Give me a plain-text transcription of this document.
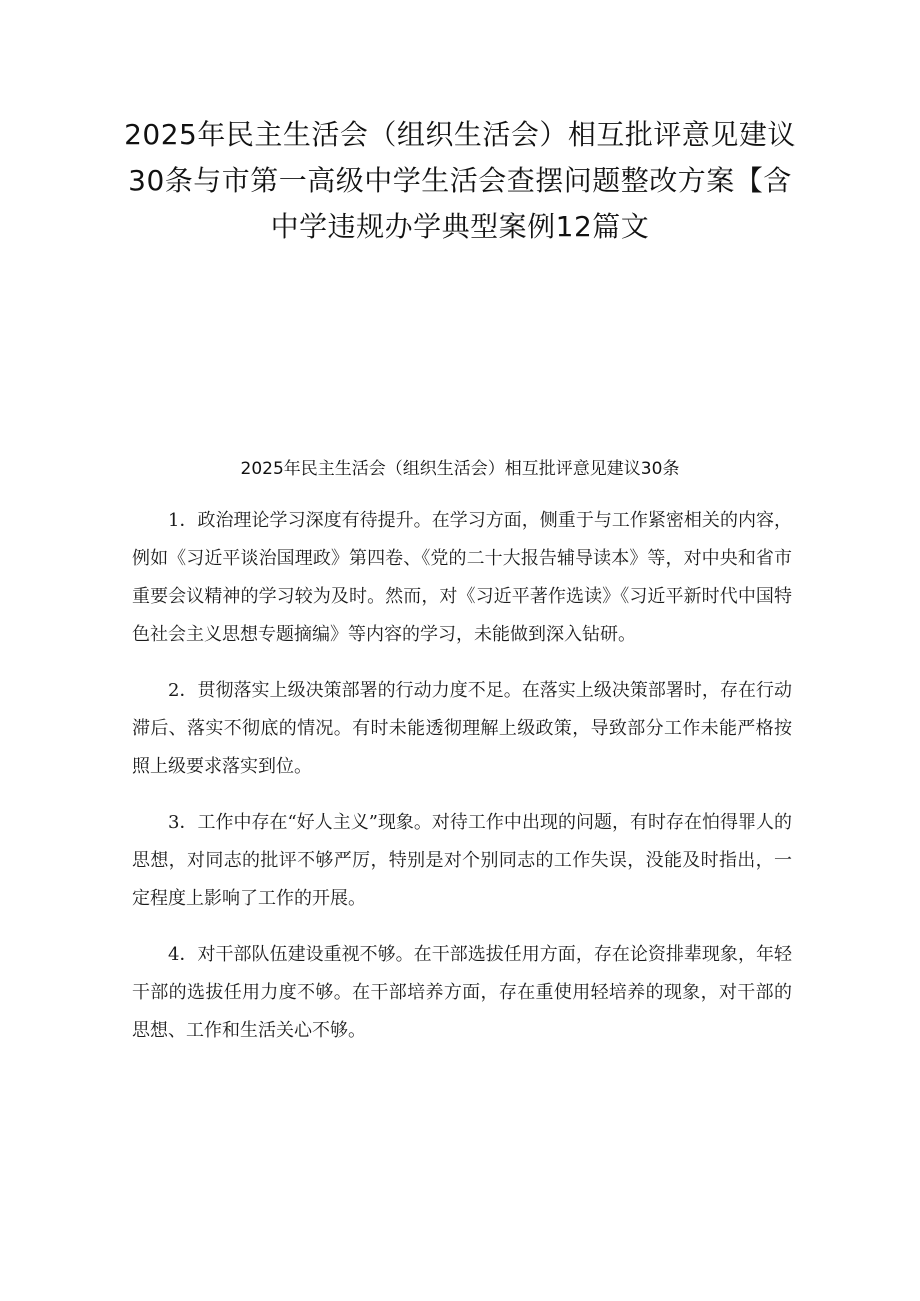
2025年民主生活会（组织生活会）相互批评意见建议30条与市第一高级中学生活会查摆问题整改方案【含中学违规办学典型案例12篇文
2025年民主生活会（组织生活会）相互批评意见建议30条

1．政治理论学习深度有待提升。在学习方面，侧重于与工作紧密相关的内容，例如《习近平谈治国理政》第四卷、《党的二十大报告辅导读本》等，对中央和省市重要会议精神的学习较为及时。然而，对《习近平著作选读》《习近平新时代中国特色社会主义思想专题摘编》等内容的学习，未能做到深入钻研。

2．贯彻落实上级决策部署的行动力度不足。在落实上级决策部署时，存在行动滞后、落实不彻底的情况。有时未能透彻理解上级政策，导致部分工作未能严格按照上级要求落实到位。

3．工作中存在“好人主义”现象。对待工作中出现的问题，有时存在怕得罪人的思想，对同志的批评不够严厉，特别是对个别同志的工作失误，没能及时指出，一定程度上影响了工作的开展。

4．对干部队伍建设重视不够。在干部选拔任用方面，存在论资排辈现象，年轻干部的选拔任用力度不够。在干部培养方面，存在重使用轻培养的现象，对干部的思想、工作和生活关心不够。
